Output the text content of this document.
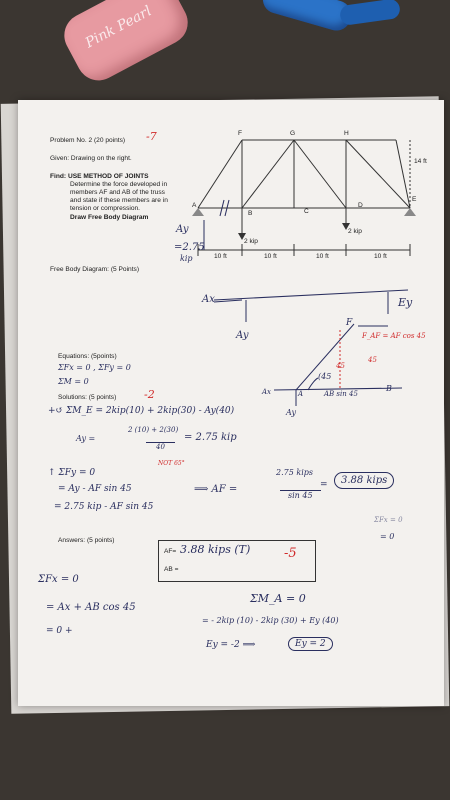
Pink Pearl
Problem No. 2 (20 points)
Given: Drawing on the right.
Find: USE METHOD OF JOINTS
Determine the force developed in
members AF and AB of the truss
and state if these members are in
tension or compression.
Draw Free Body Diagram
Free Body Diagram: (5 Points)
Equations: (5points)
Solutions: (5 points)
Answers: (5 points)
F	G	H
A
B	C
D
E
14 ft
10 ft	10 ft	10 ft	10 ft
2 kip
2 kip
-7
Ay
=2.75
kip
Ax
Ay
Ey
F
F_AF = AF cos 45
45
(45
45
B
Ax	A	AB sin 45
Ay
ΣFx = 0 , ΣFy = 0
ΣM = 0
-2
+↺ ΣM_E = 2kip(10) + 2kip(30) - Ay(40)
Ay =
2 (10) + 2(30)
40
= 2.75 kip
↑ ΣFy = 0
NOT 65°
= Ay - AF sin 45
= 2.75 kip - AF sin 45
⟹ AF =
2.75 kips
sin 45
=	3.88 kips
ΣFx = 0
= 0
AF= 3.88 kips (T)	-5
AB =
ΣFx = 0
= Ax + AB cos 45
= 0 +
ΣM_A = 0
= - 2kip (10) - 2kip (30) + Ey (40)
Ey = -2 ⟹	Ey = 2
